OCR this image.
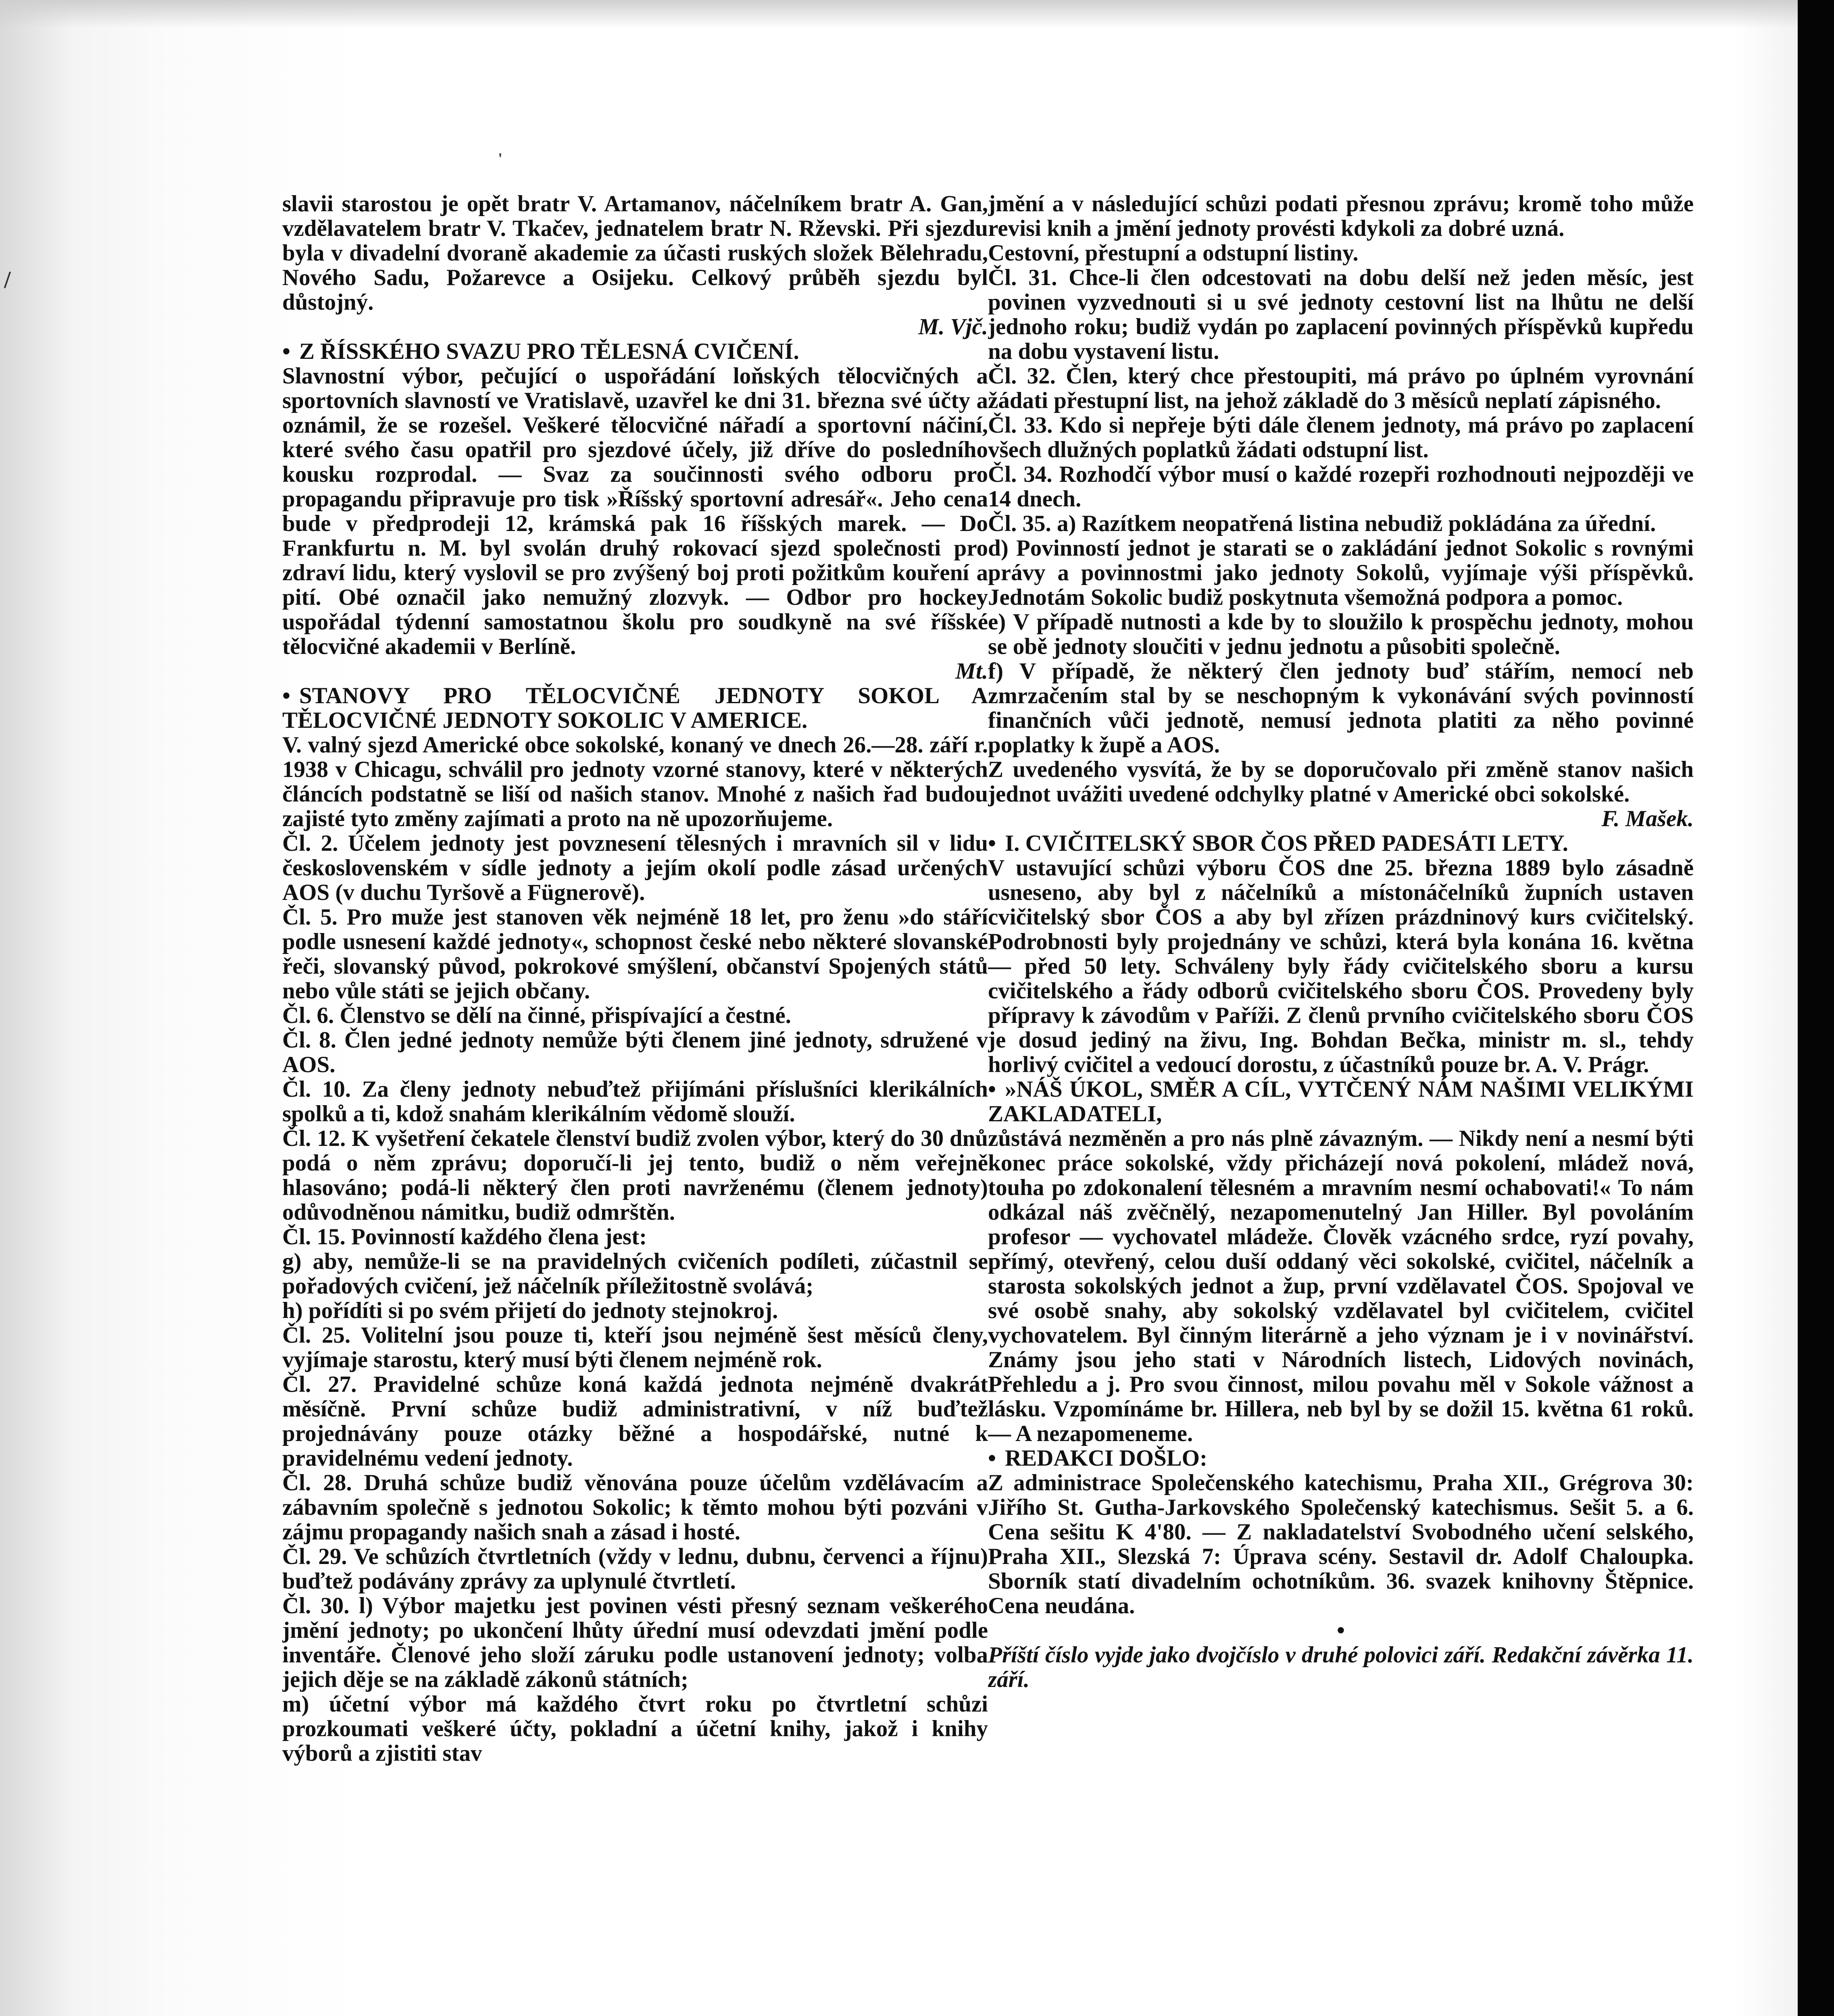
'
/

slavii starostou je opět bratr V. Artamanov, náčelníkem bratr A. Gan, vzdělavatelem bratr V. Tkačev, jednatelem bratr N. Rževski. Při sjezdu byla v divadelní dvoraně akademie za účasti ruských složek Bělehradu, Nového Sadu, Požarevce a Osijeku. Celkový průběh sjezdu byl důstojný.

M. Vjč.

• Z ŘÍSSKÉHO SVAZU PRO TĚLESNÁ CVIČENÍ.

Slavnostní výbor, pečující o uspořádání loňských tělocvičných a sportovních slavností ve Vratislavě, uzavřel ke dni 31. března své účty a oznámil, že se rozešel. Veškeré tělocvičné nářadí a sportovní náčiní, které svého času opatřil pro sjezdové účely, již dříve do posledního kousku rozprodal. — Svaz za součinnosti svého odboru pro propagandu připravuje pro tisk »Říšský sportovní adresář«. Jeho cena bude v předprodeji 12, krámská pak 16 říšských marek. — Do Frankfurtu n. M. byl svolán druhý rokovací sjezd společnosti pro zdraví lidu, který vyslovil se pro zvýšený boj proti požitkům kouření a pití. Obé označil jako nemužný zlozvyk. — Odbor pro hockey uspořádal týdenní samostatnou školu pro soudkyně na své říšské tělocvičné akademii v Berlíně.

Mt.

• STANOVY PRO TĚLOCVIČNÉ JEDNOTY SOKOL A TĚLOCVIČNÉ JEDNOTY SOKOLIC V AMERICE.

V. valný sjezd Americké obce sokolské, konaný ve dnech 26.—28. září r. 1938 v Chicagu, schválil pro jednoty vzorné stanovy, které v některých článcích podstatně se liší od našich stanov. Mnohé z našich řad budou zajisté tyto změny zajímati a proto na ně upozorňujeme.

Čl. 2. Účelem jednoty jest povznesení tělesných i mravních sil v lidu československém v sídle jednoty a jejím okolí podle zásad určených AOS (v duchu Tyršově a Fügnerově).

Čl. 5. Pro muže jest stanoven věk nejméně 18 let, pro ženu »do stáří podle usnesení každé jednoty«, schopnost české nebo některé slovanské řeči, slovanský původ, pokrokové smýšlení, občanství Spojených států nebo vůle státi se jejich občany.

Čl. 6. Členstvo se dělí na činné, přispívající a čestné.

Čl. 8. Člen jedné jednoty nemůže býti členem jiné jednoty, sdružené v AOS.

Čl. 10. Za členy jednoty nebuďtež přijímáni příslušníci klerikálních spolků a ti, kdož snahám klerikálním vědomě slouží.

Čl. 12. K vyšetření čekatele členství budiž zvolen výbor, který do 30 dnů podá o něm zprávu; doporučí-li jej tento, budiž o něm veřejně hlasováno; podá-li některý člen proti navrženému (členem jednoty) odůvodněnou námitku, budiž odmrštěn.

Čl. 15. Povinností každého člena jest:

g) aby, nemůže-li se na pravidelných cvičeních podíleti, zúčastnil se pořadových cvičení, jež náčelník příležitostně svolává;

h) pořídíti si po svém přijetí do jednoty stejnokroj.

Čl. 25. Volitelní jsou pouze ti, kteří jsou nejméně šest měsíců členy, vyjímaje starostu, který musí býti členem nejméně rok.

Čl. 27. Pravidelné schůze koná každá jednota nejméně dvakrát měsíčně. První schůze budiž administrativní, v níž buďtež projednávány pouze otázky běžné a hospodářské, nutné k pravidelnému vedení jednoty.

Čl. 28. Druhá schůze budiž věnována pouze účelům vzdělávacím a zábavním společně s jednotou Sokolic; k těmto mohou býti pozváni v zájmu propagandy našich snah a zásad i hosté.

Čl. 29. Ve schůzích čtvrtletních (vždy v lednu, dubnu, červenci a říjnu) buďtež podávány zprávy za uplynulé čtvrtletí.

Čl. 30. l) Výbor majetku jest povinen vésti přesný seznam veškerého jmění jednoty; po ukončení lhůty úřední musí odevzdati jmění podle inventáře. Členové jeho složí záruku podle ustanovení jednoty; volba jejich děje se na základě zákonů státních;

m) účetní výbor má každého čtvrt roku po čtvrtletní schůzi prozkoumati veškeré účty, pokladní a účetní knihy, jakož i knihy výborů a zjistiti stav

jmění a v následující schůzi podati přesnou zprávu; kromě toho může revisi knih a jmění jednoty provésti kdykoli za dobré uzná.

Cestovní, přestupní a odstupní listiny.

Čl. 31. Chce-li člen odcestovati na dobu delší než jeden měsíc, jest povinen vyzvednouti si u své jednoty cestovní list na lhůtu ne delší jednoho roku; budiž vydán po zaplacení povinných příspěvků kupředu na dobu vystavení listu.

Čl. 32. Člen, který chce přestoupiti, má právo po úplném vyrovnání žádati přestupní list, na jehož základě do 3 měsíců neplatí zápisného.

Čl. 33. Kdo si nepřeje býti dále členem jednoty, má právo po zaplacení všech dlužných poplatků žádati odstupní list.

Čl. 34. Rozhodčí výbor musí o každé rozepři rozhodnouti nejpozději ve 14 dnech.

Čl. 35. a) Razítkem neopatřená listina nebudiž pokládána za úřední.

d) Povinností jednot je starati se o zakládání jednot Sokolic s rovnými právy a povinnostmi jako jednoty Sokolů, vyjímaje výši příspěvků. Jednotám Sokolic budiž poskytnuta všemožná podpora a pomoc.

e) V případě nutnosti a kde by to sloužilo k prospěchu jednoty, mohou se obě jednoty sloučiti v jednu jednotu a působiti společně.

f) V případě, že některý člen jednoty buď stářím, nemocí neb zmrzačením stal by se neschopným k vykonávání svých povinností finančních vůči jednotě, nemusí jednota platiti za něho povinné poplatky k župě a AOS.

Z uvedeného vysvítá, že by se doporučovalo při změně stanov našich jednot uvážiti uvedené odchylky platné v Americké obci sokolské.

F. Mašek.

• I. CVIČITELSKÝ SBOR ČOS PŘED PADESÁTI LETY.

V ustavující schůzi výboru ČOS dne 25. března 1889 bylo zásadně usneseno, aby byl z náčelníků a místonáčelníků župních ustaven cvičitelský sbor ČOS a aby byl zřízen prázdninový kurs cvičitelský. Podrobnosti byly projednány ve schůzi, která byla konána 16. května — před 50 lety. Schváleny byly řády cvičitelského sboru a kursu cvičitelského a řády odborů cvičitelského sboru ČOS. Provedeny byly přípravy k závodům v Paříži. Z členů prvního cvičitelského sboru ČOS je dosud jediný na živu, Ing. Bohdan Bečka, ministr m. sl., tehdy horlivý cvičitel a vedoucí dorostu, z účastníků pouze br. A. V. Prágr.

• »NÁŠ ÚKOL, SMĚR A CÍL, VYTČENÝ NÁM NAŠIMI VELIKÝMI ZAKLADATELI,

zůstává nezměněn a pro nás plně závazným. — Nikdy není a nesmí býti konec práce sokolské, vždy přicházejí nová pokolení, mládež nová, touha po zdokonalení tělesném a mravním nesmí ochabovati!« To nám odkázal náš zvěčnělý, nezapomenutelný Jan Hiller. Byl povoláním profesor — vychovatel mládeže. Člověk vzácného srdce, ryzí povahy, přímý, otevřený, celou duší oddaný věci sokolské, cvičitel, náčelník a starosta sokolských jednot a žup, první vzdělavatel ČOS. Spojoval ve své osobě snahy, aby sokolský vzdělavatel byl cvičitelem, cvičitel vychovatelem. Byl činným literárně a jeho význam je i v novinářství. Známy jsou jeho stati v Národních listech, Lidových novinách, Přehledu a j. Pro svou činnost, milou povahu měl v Sokole vážnost a lásku. Vzpomínáme br. Hillera, neb byl by se dožil 15. května 61 roků. — A nezapomeneme.

• REDAKCI DOŠLO:

Z administrace Společenského katechismu, Praha XII., Grégrova 30: Jiřího St. Gutha-Jarkovského Společenský katechismus. Sešit 5. a 6. Cena sešitu K 4'80. — Z nakladatelství Svobodného učení selského, Praha XII., Slezská 7: Úprava scény. Sestavil dr. Adolf Chaloupka. Sborník statí divadelním ochotníkům. 36. svazek knihovny Štěpnice. Cena neudána.

•

Příští číslo vyjde jako dvojčíslo v druhé polovici září. Redakční závěrka 11. září.
